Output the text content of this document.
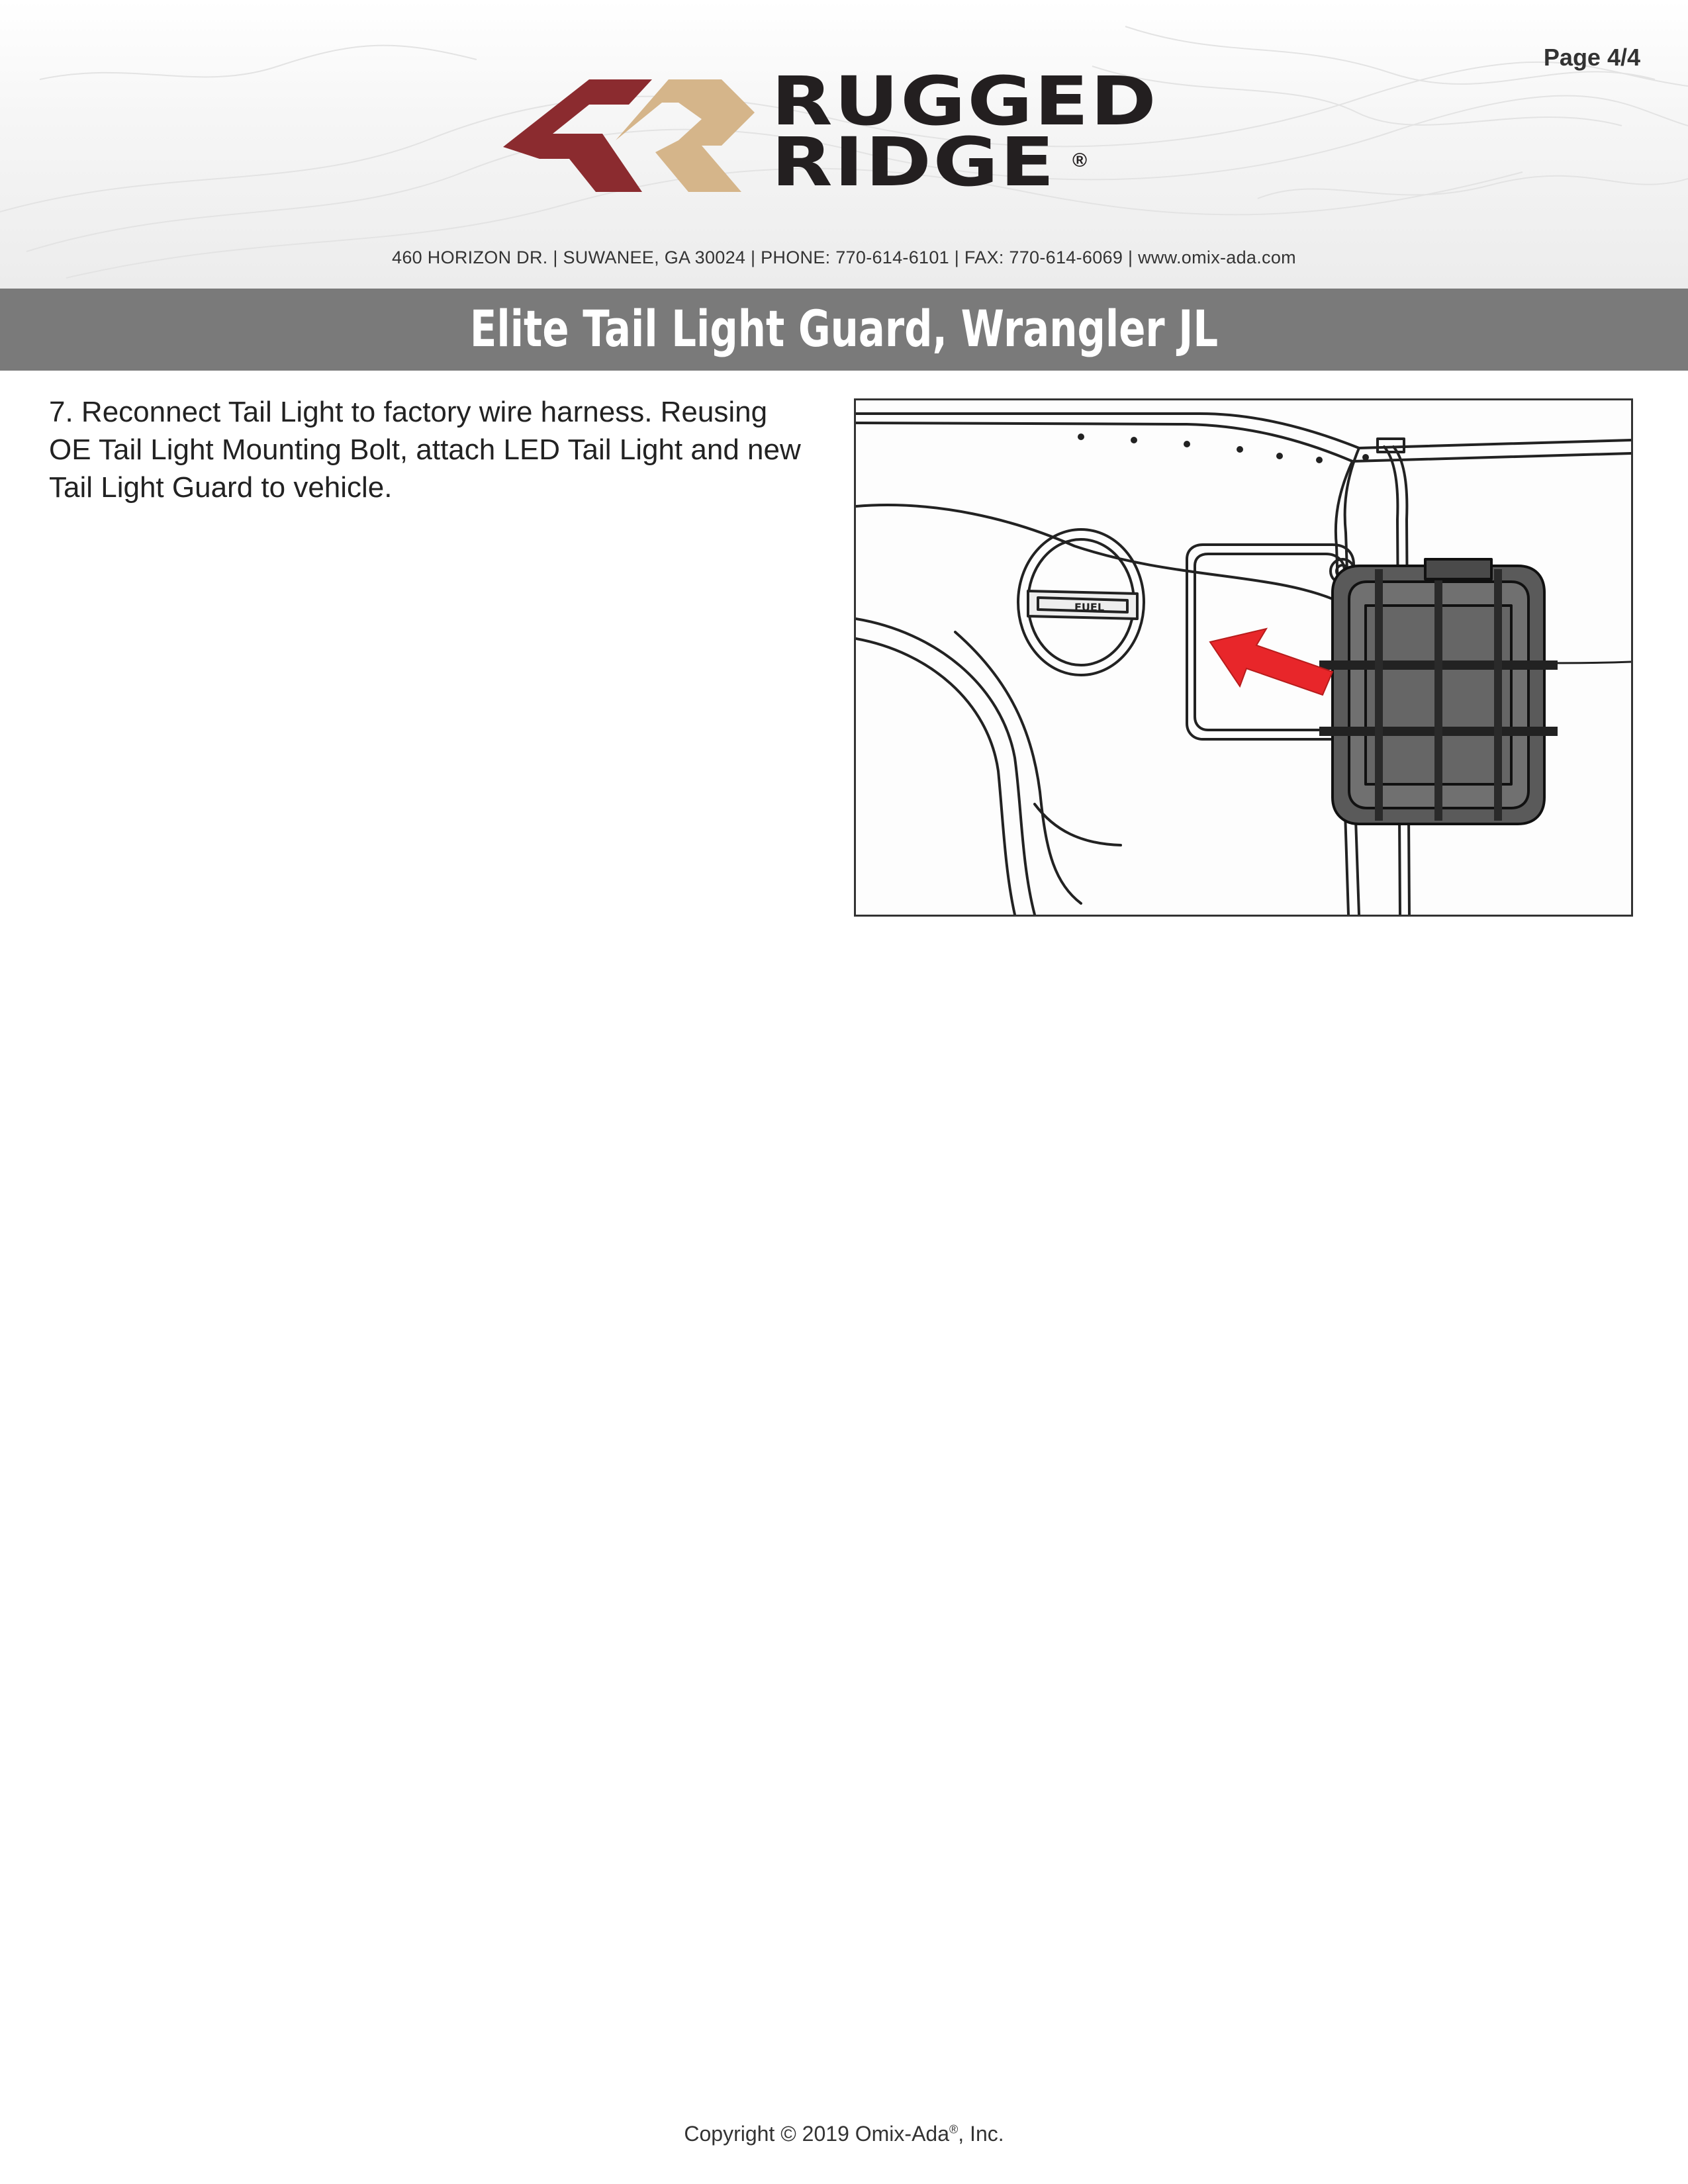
Page 4/4
RUGGED
RIDGE ®
460 HORIZON DR. | SUWANEE, GA 30024 | PHONE: 770-614-6101 | FAX: 770-614-6069 | www.omix-ada.com
Elite Tail Light Guard, Wrangler JL
7. Reconnect Tail Light to factory wire harness. Reusing OE Tail Light Mounting Bolt, attach LED Tail Light and new Tail Light Guard to vehicle.
FUEL
Copyright © 2019 Omix-Ada®, Inc.
